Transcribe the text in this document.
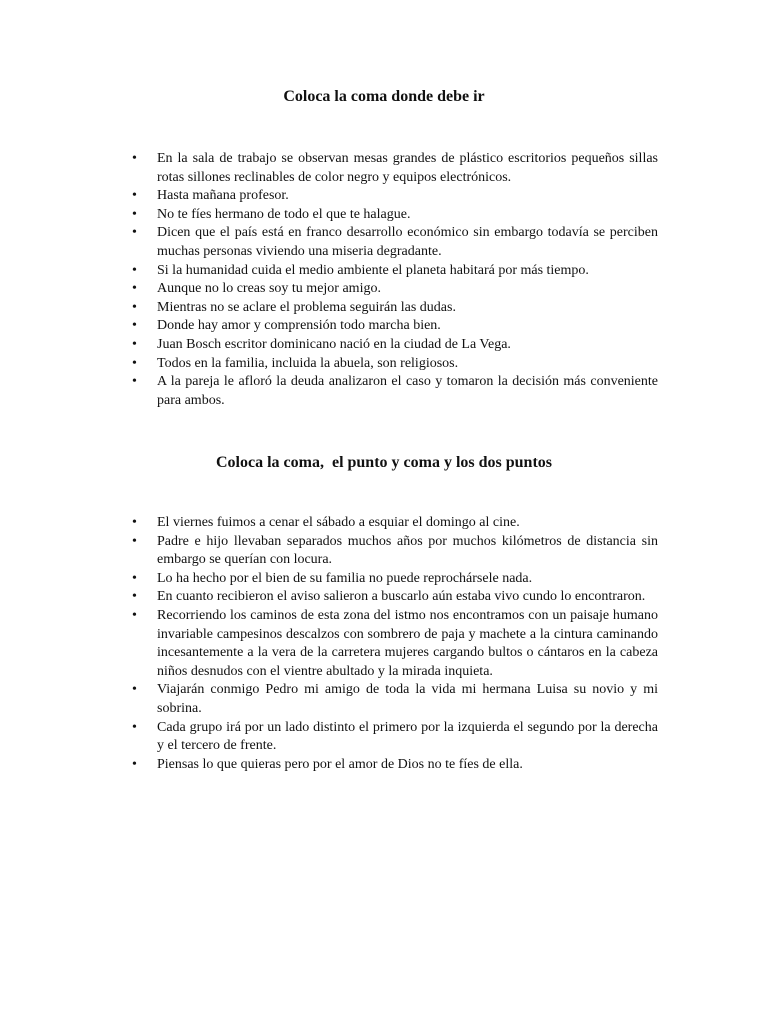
Coloca la coma donde debe ir
• En la sala de trabajo se observan mesas grandes de plástico escritorios pequeños sillas rotas sillones reclinables de color negro y equipos electrónicos.
• Hasta mañana profesor.
• No te fíes hermano de todo el que te halague.
• Dicen que el país está en franco desarrollo económico sin embargo todavía se perciben muchas personas viviendo una miseria degradante.
• Si la humanidad cuida el medio ambiente el planeta habitará por más tiempo.
• Aunque no lo creas soy tu mejor amigo.
• Mientras no se aclare el problema seguirán las dudas.
• Donde hay amor y comprensión todo marcha bien.
• Juan Bosch escritor dominicano nació en la ciudad de La Vega.
• Todos en la familia, incluida la abuela, son religiosos.
• A la pareja le afloró la deuda analizaron el caso y tomaron la decisión más conveniente para ambos.
Coloca la coma,  el punto y coma y los dos puntos
• El viernes fuimos a cenar el sábado a esquiar el domingo al cine.
• Padre e hijo llevaban separados muchos años por muchos kilómetros de distancia sin embargo se querían con locura.
• Lo ha hecho por el bien de su familia no puede reprochársele nada.
• En cuanto recibieron el aviso salieron a buscarlo aún estaba vivo cundo lo encontraron.
• Recorriendo los caminos de esta zona del istmo nos encontramos con un paisaje humano invariable campesinos descalzos con sombrero de paja y machete a la cintura caminando incesantemente a la vera de la carretera mujeres cargando bultos o cántaros en la cabeza niños desnudos con el vientre abultado y la mirada inquieta.
• Viajarán conmigo Pedro mi amigo de toda la vida mi hermana Luisa su novio y mi sobrina.
• Cada grupo irá por un lado distinto el primero por la izquierda el segundo por la derecha y el tercero de frente.
• Piensas lo que quieras pero por el amor de Dios no te fíes de ella.
